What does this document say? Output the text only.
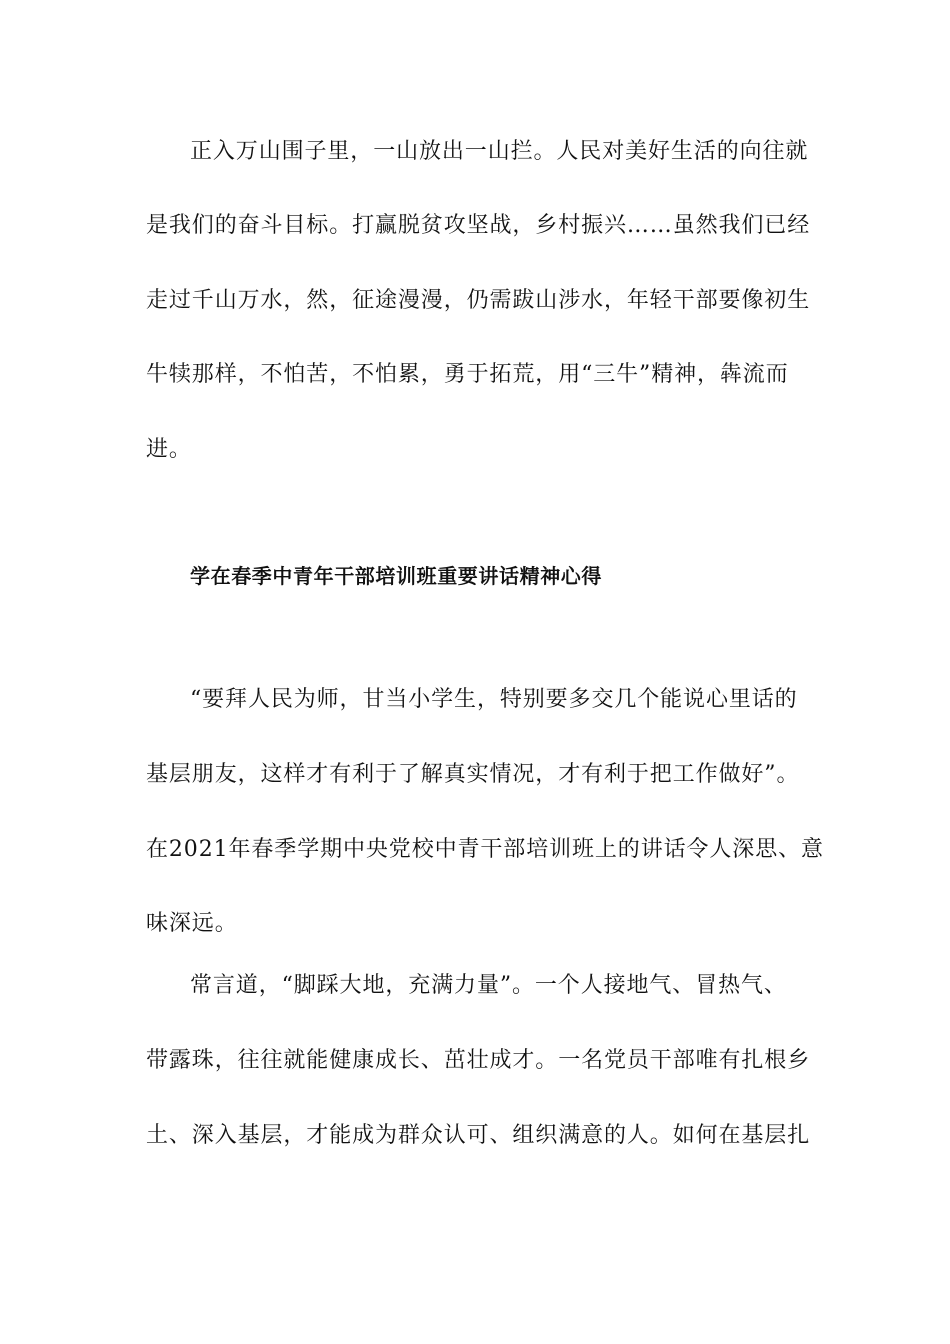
正入万山围子里，一山放出一山拦。人民对美好生活的向往就
是我们的奋斗目标。打赢脱贫攻坚战，乡村振兴……虽然我们已经
走过千山万水，然，征途漫漫，仍需跋山涉水，年轻干部要像初生
牛犊那样，不怕苦，不怕累，勇于拓荒，用“三牛”精神，犇流而
进。
学在春季中青年干部培训班重要讲话精神心得
“要拜人民为师，甘当小学生，特别要多交几个能说心里话的
基层朋友，这样才有利于了解真实情况，才有利于把工作做好”。
在2021年春季学期中央党校中青干部培训班上的讲话令人深思、意
味深远。
常言道，“脚踩大地，充满力量”。一个人接地气、冒热气、
带露珠，往往就能健康成长、茁壮成才。一名党员干部唯有扎根乡
土、深入基层，才能成为群众认可、组织满意的人。如何在基层扎
